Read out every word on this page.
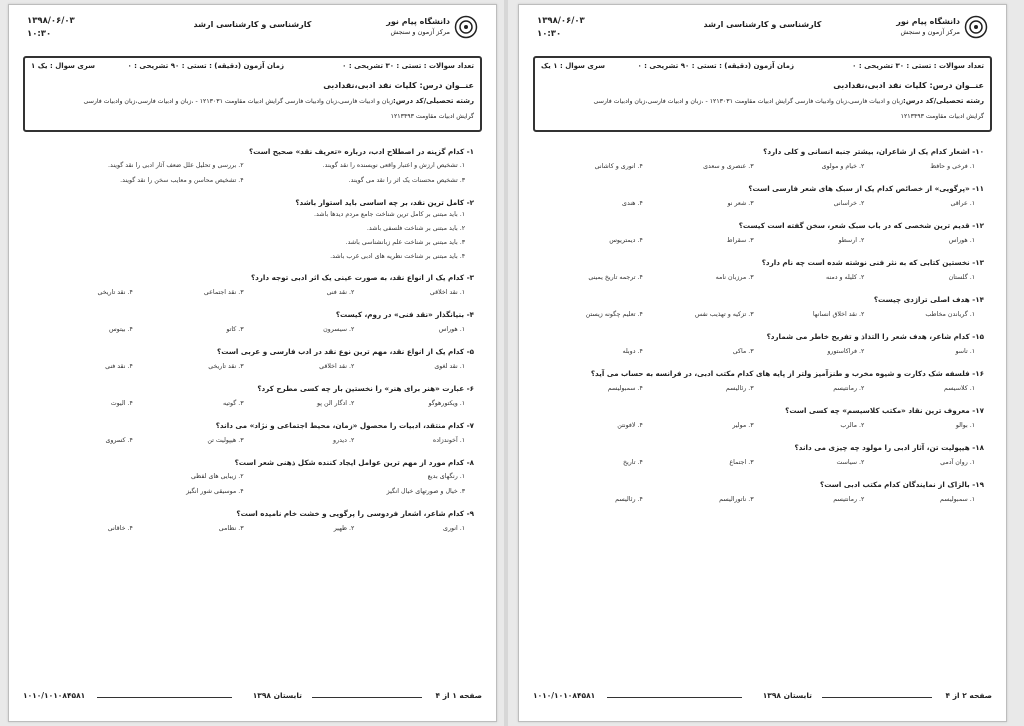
۱۳۹۸/۰۶/۰۳
۱۰:۳۰
کارشناسی و کارشناسی ارشد	دانشگاه پیام نور
مرکز آزمون و سنجش
تعداد سوالات : تستی : ۳۰ تشریحی : ۰
زمان آزمون (دقیقه) : تستی : ۹۰ تشریحی : ۰
سری سوال : یک ۱
عنــوان درس: کلیات نقد ادبی،نقدادبی
رشته تحصیلی/کد درس:زبان و ادبیات فارسی،زبان وادبیات فارسی گرایش ادبیات مقاومت ۱۲۱۳۰۳۱ - ،زبان و ادبیات فارسی،زبان وادبیات فارسی
گرایش ادبیات مقاومت ۱۲۱۳۴۹۳
۱- کدام گزینه در اصطلاح ادب، درباره «تعریف نقد» صحیح است؟
۱. تشخیص ارزش و اعتبار واقعی نویسنده را نقد گویند.
۲. بررسی و تحلیل علل ضعف آثار ادبی را نقد گویند.
۳. تشخیص محسنات یک اثر را نقد می گویند.
۴. تشخیص محاسن و معایب سخن را نقد گویند.
۲- کامل ترین نقد، بر چه اساسی باید استوار باشد؟
۱. باید مبتنی بر کامل ترین شناخت جامع مردم دیدها باشد.
۲. باید مبتنی بر شناخت فلسفی باشد.
۳. باید مبتنی بر شناخت علم زبانشناسی باشد.
۴. باید مبتنی بر شناخت نظریه های ادبی غرب باشد.
۳- کدام یک از انواع نقد، به صورت عینی یک اثر ادبی توجه دارد؟
۱. نقد اخلاقی
۲. نقد فنی
۳. نقد اجتماعی
۴. نقد تاریخی
۴- بنیانگذار «نقد فنی» در روم، کیست؟
۱. هوراس
۲. سیسرون
۳. کاتو
۴. بیتوس
۵- کدام یک از انواع نقد، مهم ترین نوع نقد در ادب فارسی و عربی است؟
۱. نقد لغوی
۲. نقد اخلاقی
۳. نقد تاریخی
۴. نقد فنی
۶- عبارت «هنر برای هنر» را نخستین بار چه کسی مطرح کرد؟
۱. ویکتورهوگو
۲. ادگار الن پو
۳. گوتیه
۴. الیوت
۷- کدام منتقد، ادبیات را محصول «زمان، محیط اجتماعی و نژاد» می داند؟
۱. آخوندزاده
۲. دیدرو
۳. هیپولیت تن
۴. کسروی
۸- کدام مورد از مهم ترین عوامل ایجاد کننده شکل ذهنی شعر است؟
۱. رنگهای بدیع
۲. زیبایی های لفظی
۳. خیال و صورتهای خیال انگیز
۴. موسیقی شور انگیز
۹- کدام شاعر، اشعار فردوسی را پرگویی و خشت خام نامیده است؟
۱. انوری
۲. ظهیر
۳. نظامی
۴. خاقانی
صفحه ۱ از ۴
تابستان ۱۳۹۸
۱۰۱۰/۱۰۱۰۸۴۵۸۱
۱۳۹۸/۰۶/۰۳
۱۰:۳۰
کارشناسی و کارشناسی ارشد	دانشگاه پیام نور
مرکز آزمون و سنجش
تعداد سوالات : تستی : ۳۰ تشریحی : ۰
زمان آزمون (دقیقه) : تستی : ۹۰ تشریحی : ۰
سری سوال : ۱ یک
عنــوان درس: کلیات نقد ادبی،نقدادبی
رشته تحصیلی/کد درس:زبان و ادبیات فارسی،زبان وادبیات فارسی گرایش ادبیات مقاومت ۱۲۱۳۰۳۱ - ،زبان و ادبیات فارسی،زبان وادبیات فارسی
گرایش ادبیات مقاومت ۱۲۱۳۴۹۳
۱۰- اشعار کدام یک از شاعران، بیشتر جنبه انسانی و کلی دارد؟
۱. فرخی و حافظ
۲. خیام و مولوی
۳. عنصری و سعدی
۴. انوری و کاشانی
۱۱- «پرگویی» از خصائص کدام یک از سبک های شعر فارسی است؟
۱. عراقی
۲. خراسانی
۳. شعر نو
۴. هندی
۱۲- قدیم ترین شخصی که در باب سبک شعر، سخن گفته است کیست؟
۱. هوراس
۲. ارسطو
۳. سقراط
۴. دیمتریوس
۱۳- نخستین کتابی که به نثر فنی نوشته شده است چه نام دارد؟
۱. گلستان
۲. کلیله و دمنه
۳. مرزبان نامه
۴. ترجمه تاریخ یمینی
۱۴- هدف اصلی تراژدی چیست؟
۱. گریاندن مخاطب
۲. نقد اخلاق انسانها
۳. تزکیه و تهذیب نفس
۴. تعلیم چگونه زیستن
۱۵- کدام شاعر، هدف شعر را التذاذ و تفریح خاطر می شمارد؟
۱. تاسو
۲. فراکاستورو
۳. ماکی
۴. دوبله
۱۶- فلسفه شک دکارت و شیوه مخرب و طنزآمیز ولتر از پایه های کدام مکتب ادبی، در فرانسه به حساب می آید؟
۱. کلاسیسم
۲. رمانتیسم
۳. رئالیسم
۴. سمبولیسم
۱۷- معروف ترین نقاد «مکتب کلاسیسم» چه کسی است؟
۱. بوالو
۲. مالرب
۳. مولیر
۴. لافونتن
۱۸- هیپولیت تن، آثار ادبی را مولود چه چیزی می داند؟
۱. روان آدمی
۲. سیاست
۳. اجتماع
۴. تاریخ
۱۹- بالزاک از نمایندگان کدام مکتب ادبی است؟
۱. سمبولیسم
۲. رمانتیسم
۳. ناتورالیسم
۴. رئالیسم
صفحه ۲ از ۴
تابستان ۱۳۹۸
۱۰۱۰/۱۰۱۰۸۴۵۸۱
